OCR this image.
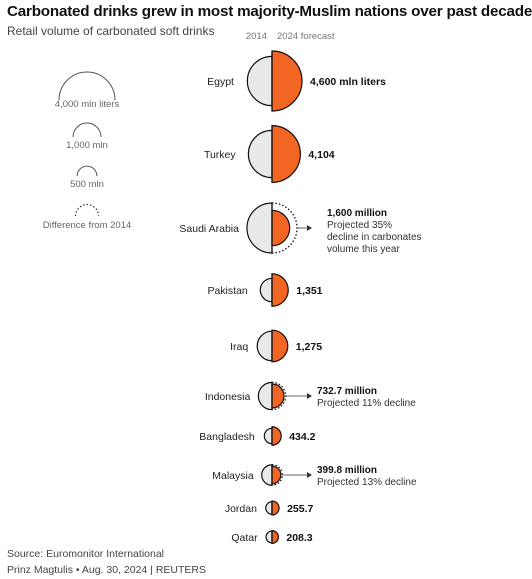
Carbonated drinks grew in most majority-Muslim nations over past decade
Retail volume of carbonated soft drinks	2014 2024 forecast
Egypt	4,600 mln liters
Turkey	4,104
Saudi Arabia
1,600 million
Projected 35%
decline in carbonates
volume this year
Pakistan	1,351
Iraq	1,275
Indonesia	732.7 million
Projected 11% decline
Bangladesh	434.2
Malaysia	399.8 million
Projected 13% decline
Jordan	255.7
Qatar	208.3
4,000 mln liters
1,000 mln
500 mln
Difference from 2014
Source: Euromonitor International
Prinz Magtulis • Aug. 30, 2024 | REUTERS
